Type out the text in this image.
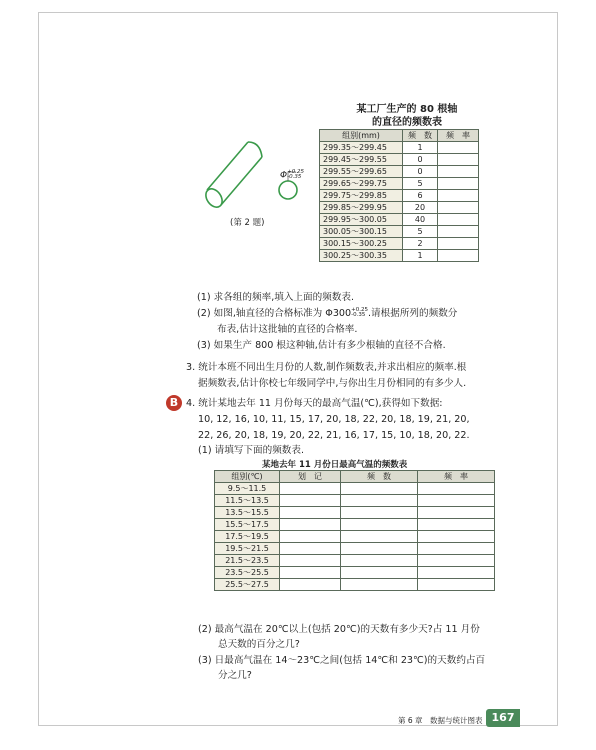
某工厂生产的 80 根轴
的直径的频数表
Φ+0.25
-0.35
(第 2 题)
组别(mm)	频　数	频　率
299.35～299.45	1	
299.45～299.55	0	
299.55～299.65	0	
299.65～299.75	5	
299.75～299.85	6	
299.85～299.95	20	
299.95～300.05	40	
300.05～300.15	5	
300.15～300.25	2	
300.25～300.35	1	
(1) 求各组的频率,填入上面的频数表.
(2) 如图,轴直径的合格标准为 Φ300+0.25
-0.35 .请根据所列的频数分
布表,估计这批轴的直径的合格率.
(3) 如果生产 800 根这种轴,估计有多少根轴的直径不合格.
3. 统计本班不同出生月份的人数,制作频数表,并求出相应的频率.根
据频数表,估计你校七年级同学中,与你出生月份相同的有多少人.
B 4. 统计某地去年 11 月份每天的最高气温(℃),获得如下数据:
10, 12, 16, 10, 11, 15, 17, 20, 18, 22, 20, 18, 19, 21, 20,
22, 26, 20, 18, 19, 20, 22, 21, 16, 17, 15, 10, 18, 20, 22.
(1) 请填写下面的频数表.
某地去年 11 月份日最高气温的频数表
组别(℃)	划　记	频　数	频　率
9.5～11.5			
11.5～13.5			
13.5～15.5			
15.5～17.5			
17.5～19.5			
19.5～21.5			
21.5～23.5			
23.5～25.5			
25.5～27.5			
(2) 最高气温在 20℃以上(包括 20℃)的天数有多少天?占 11 月份
总天数的百分之几?
(3) 日最高气温在 14～23℃之间(包括 14℃和 23℃)的天数约占百
分之几?
第 6 章　数据与统计图表 167
